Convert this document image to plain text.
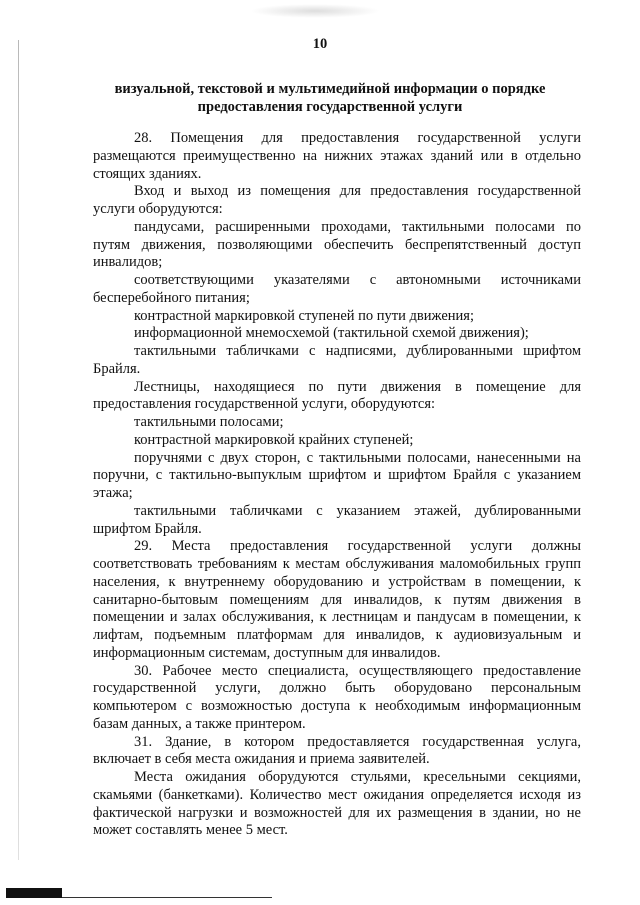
10
визуальной, текстовой и мультимедийной информации о порядке
предоставления государственной услуги

28. Помещения для предоставления государственной услуги размещаются преимущественно на нижних этажах зданий или в отдельно стоящих зданиях.

Вход и выход из помещения для предоставления государственной услуги оборудуются:

пандусами, расширенными проходами, тактильными полосами по путям движения, позволяющими обеспечить беспрепятственный доступ инвалидов;

соответствующими указателями с автономными источниками бесперебойного питания;

контрастной маркировкой ступеней по пути движения;

информационной мнемосхемой (тактильной схемой движения);

тактильными табличками с надписями, дублированными шрифтом Брайля.

Лестницы, находящиеся по пути движения в помещение для предоставления государственной услуги, оборудуются:

тактильными полосами;

контрастной маркировкой крайних ступеней;

поручнями с двух сторон, с тактильными полосами, нанесенными на поручни, с тактильно-выпуклым шрифтом и шрифтом Брайля с указанием этажа;

тактильными табличками с указанием этажей, дублированными шрифтом Брайля.

29. Места предоставления государственной услуги должны соответствовать требованиям к местам обслуживания маломобильных групп населения, к внутреннему оборудованию и устройствам в помещении, к санитарно-бытовым помещениям для инвалидов, к путям движения в помещении и залах обслуживания, к лестницам и пандусам в помещении, к лифтам, подъемным платформам для инвалидов, к аудиовизуальным и информационным системам, доступным для инвалидов.

30. Рабочее место специалиста, осуществляющего предоставление государственной услуги, должно быть оборудовано персональным компьютером с возможностью доступа к необходимым информационным базам данных, а также принтером.

31. Здание, в котором предоставляется государственная услуга, включает в себя места ожидания и приема заявителей.

Места ожидания оборудуются стульями, кресельными секциями, скамьями (банкетками). Количество мест ожидания определяется исходя из фактической нагрузки и возможностей для их размещения в здании, но не может составлять менее 5 мест.
